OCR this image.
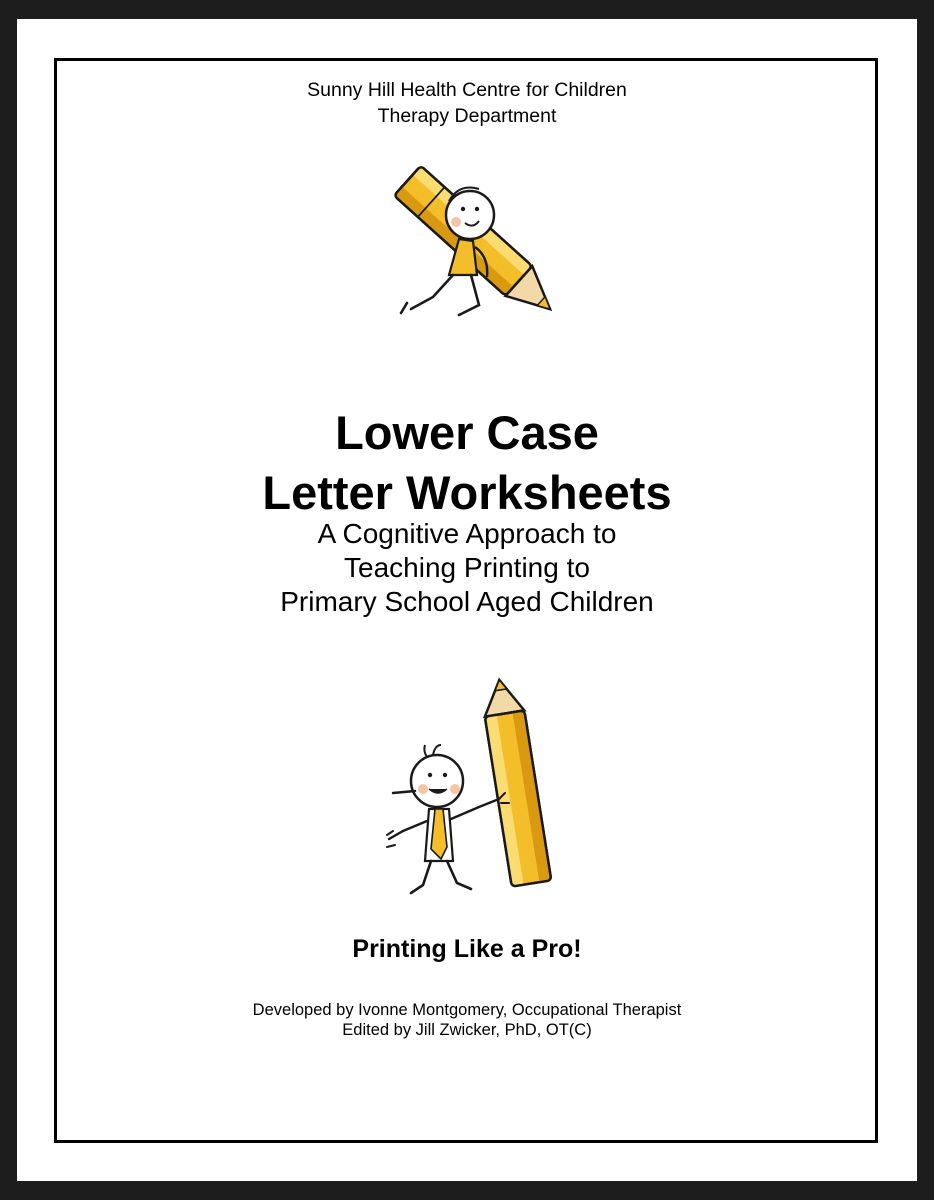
Sunny Hill Health Centre for Children
Therapy Department
Lower Case
Letter Worksheets
A Cognitive Approach to
Teaching Printing to
Primary School Aged Children
Printing Like a Pro!
Developed by Ivonne Montgomery, Occupational Therapist
Edited by Jill Zwicker, PhD, OT(C)
